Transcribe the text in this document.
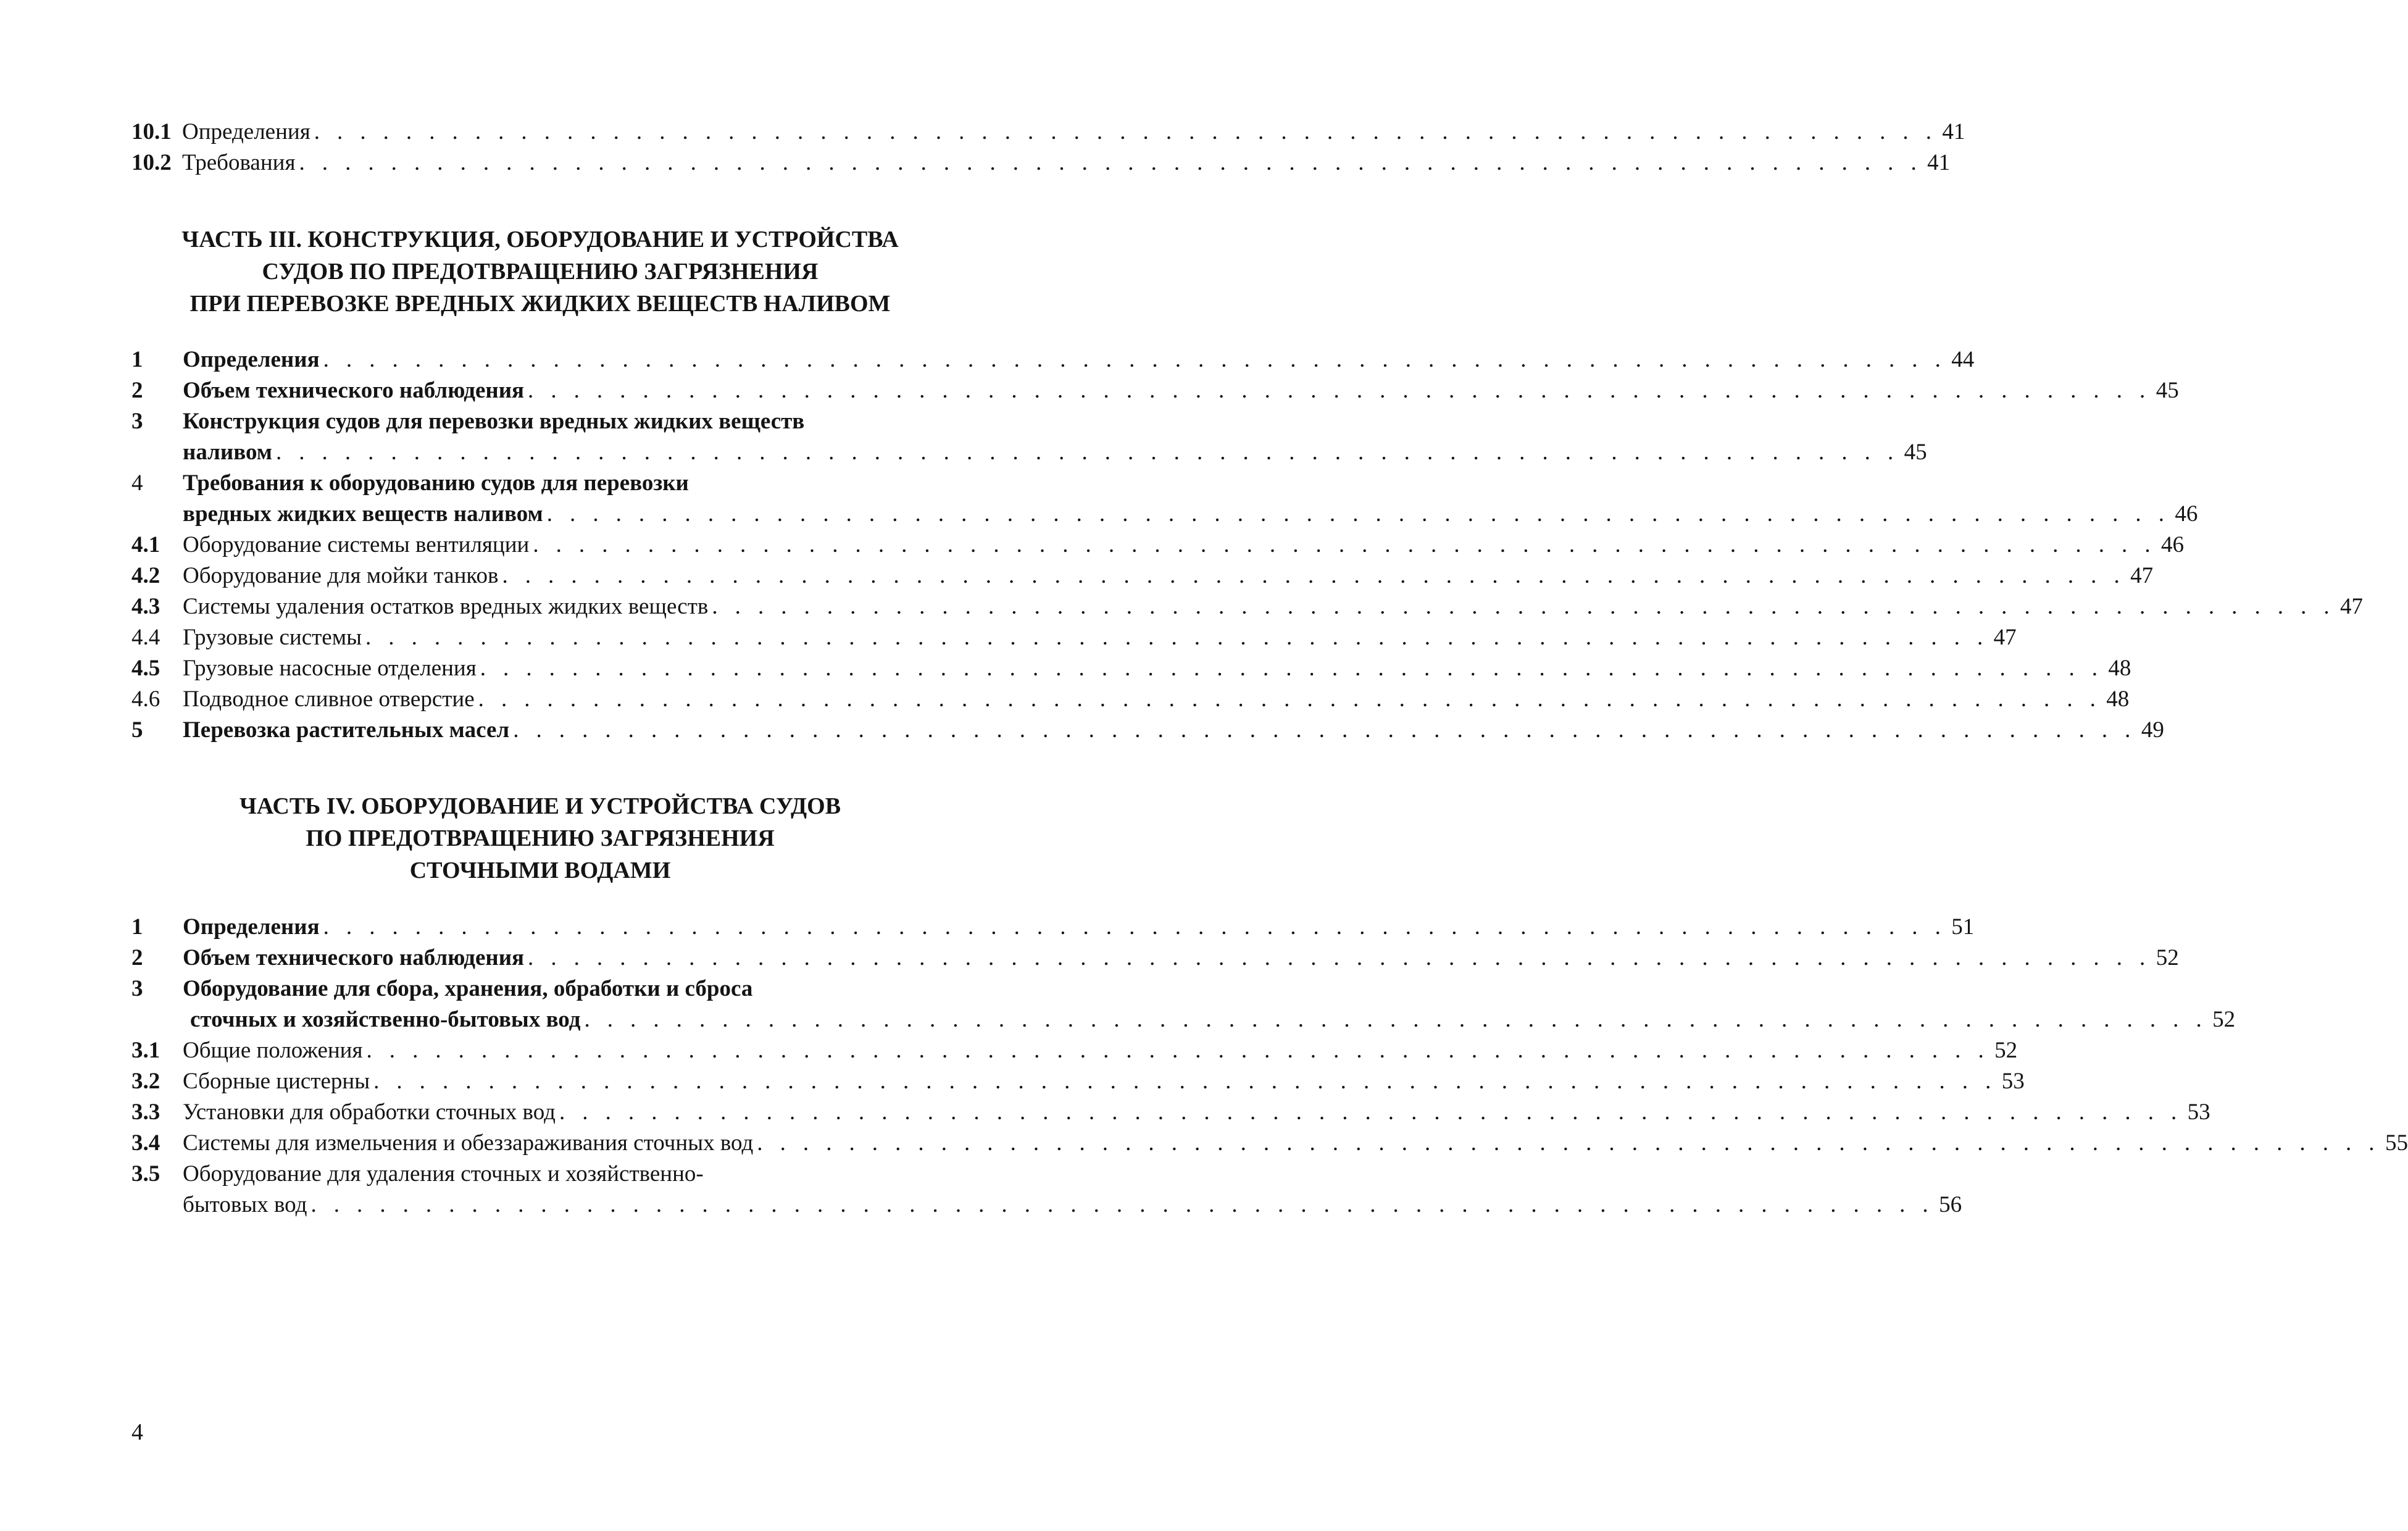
10.1 Определения . . . . . . . . . . . . . . . . . . . . . . . . . . . . . . . . . . . . . . . . . . . . . . . . . . . . . . . . . . . . . . . . . . . . . . . 41
10.2 Требования . . . . . . . . . . . . . . . . . . . . . . . . . . . . . . . . . . . . . . . . . . . . . . . . . . . . . . . . . . . . . . . . . . . . . . . 41
ЧАСТЬ III. КОНСТРУКЦИЯ, ОБОРУДОВАНИЕ И УСТРОЙСТВА
СУДОВ ПО ПРЕДОТВРАЩЕНИЮ ЗАГРЯЗНЕНИЯ
ПРИ ПЕРЕВОЗКЕ ВРЕДНЫХ ЖИДКИХ ВЕЩЕСТВ НАЛИВОМ
1 Определения . . . . . . . . . . . . . . . . . . . . . . . . . . . . . . . . . . . . . . . . . . . . . . . . . . . . . . . . . . . . . . . . . . . . . . . 44
2 Объем технического наблюдения . . . . . . . . . . . . . . . . . . . . . . . . . . . . . . . . . . . . . . . . . . . . . . . . . . . . . . . . . . . . . . . . . . . . . . . 45
3 Конструкция судов для перевозки вредных жидких веществ
наливом . . . . . . . . . . . . . . . . . . . . . . . . . . . . . . . . . . . . . . . . . . . . . . . . . . . . . . . . . . . . . . . . . . . . . . . 45
4 Требования к оборудованию судов для перевозки
вредных жидких веществ наливом . . . . . . . . . . . . . . . . . . . . . . . . . . . . . . . . . . . . . . . . . . . . . . . . . . . . . . . . . . . . . . . . . . . . . . . 46
4.1 Оборудование системы вентиляции . . . . . . . . . . . . . . . . . . . . . . . . . . . . . . . . . . . . . . . . . . . . . . . . . . . . . . . . . . . . . . . . . . . . . . . 46
4.2 Оборудование для мойки танков . . . . . . . . . . . . . . . . . . . . . . . . . . . . . . . . . . . . . . . . . . . . . . . . . . . . . . . . . . . . . . . . . . . . . . . 47
4.3 Системы удаления остатков вредных жидких веществ . . . . . . . . . . . . . . . . . . . . . . . . . . . . . . . . . . . . . . . . . . . . . . . . . . . . . . . . . . . . . . . . . . . . . . . 47
4.4 Грузовые системы . . . . . . . . . . . . . . . . . . . . . . . . . . . . . . . . . . . . . . . . . . . . . . . . . . . . . . . . . . . . . . . . . . . . . . . 47
4.5 Грузовые насосные отделения . . . . . . . . . . . . . . . . . . . . . . . . . . . . . . . . . . . . . . . . . . . . . . . . . . . . . . . . . . . . . . . . . . . . . . . 48
4.6 Подводное сливное отверстие . . . . . . . . . . . . . . . . . . . . . . . . . . . . . . . . . . . . . . . . . . . . . . . . . . . . . . . . . . . . . . . . . . . . . . . 48
5 Перевозка растительных масел . . . . . . . . . . . . . . . . . . . . . . . . . . . . . . . . . . . . . . . . . . . . . . . . . . . . . . . . . . . . . . . . . . . . . . . 49
ЧАСТЬ IV. ОБОРУДОВАНИЕ И УСТРОЙСТВА СУДОВ
ПО ПРЕДОТВРАЩЕНИЮ ЗАГРЯЗНЕНИЯ
СТОЧНЫМИ ВОДАМИ
1 Определения . . . . . . . . . . . . . . . . . . . . . . . . . . . . . . . . . . . . . . . . . . . . . . . . . . . . . . . . . . . . . . . . . . . . . . . 51
2 Объем технического наблюдения . . . . . . . . . . . . . . . . . . . . . . . . . . . . . . . . . . . . . . . . . . . . . . . . . . . . . . . . . . . . . . . . . . . . . . . 52
3 Оборудование для сбора, хранения, обработки и сброса
сточных и хозяйственно-бытовых вод . . . . . . . . . . . . . . . . . . . . . . . . . . . . . . . . . . . . . . . . . . . . . . . . . . . . . . . . . . . . . . . . . . . . . . . 52
3.1 Общие положения . . . . . . . . . . . . . . . . . . . . . . . . . . . . . . . . . . . . . . . . . . . . . . . . . . . . . . . . . . . . . . . . . . . . . . . 52
3.2 Сборные цистерны . . . . . . . . . . . . . . . . . . . . . . . . . . . . . . . . . . . . . . . . . . . . . . . . . . . . . . . . . . . . . . . . . . . . . . . 53
3.3 Установки для обработки сточных вод . . . . . . . . . . . . . . . . . . . . . . . . . . . . . . . . . . . . . . . . . . . . . . . . . . . . . . . . . . . . . . . . . . . . . . . 53
3.4 Системы для измельчения и обеззараживания сточных вод . . . . . . . . . . . . . . . . . . . . . . . . . . . . . . . . . . . . . . . . . . . . . . . . . . . . . . . . . . . . . . . . . . . . . . . 55
3.5 Оборудование для удаления сточных и хозяйственно-
бытовых вод . . . . . . . . . . . . . . . . . . . . . . . . . . . . . . . . . . . . . . . . . . . . . . . . . . . . . . . . . . . . . . . . . . . . . . . 56
4
